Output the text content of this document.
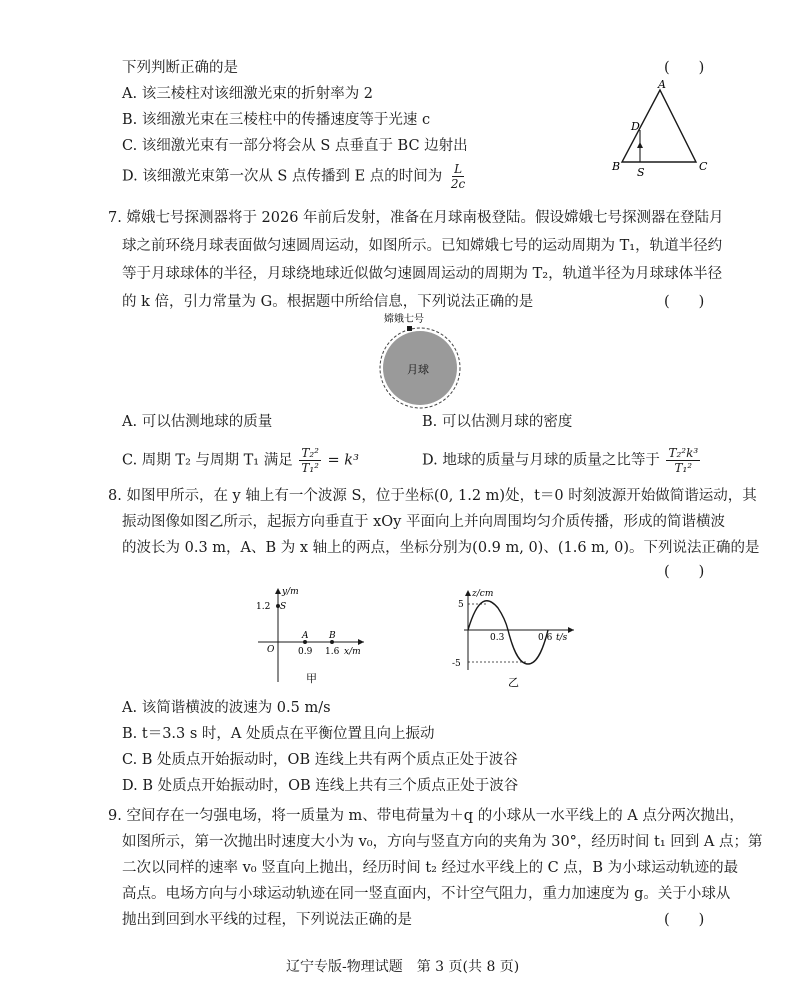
下列判断正确的是	(　　)
A. 该三棱柱对该细激光束的折射率为 2
B. 该细激光束在三棱柱中的传播速度等于光速 c
C. 该细激光束有一部分将会从 S 点垂直于 BC 边射出
D. 该细激光束第一次从 S 点传播到 E 点的时间为 $\frac{L}{2c}$
A
B	C
D
S
7. 嫦娥七号探测器将于 2026 年前后发射，准备在月球南极登陆。假设嫦娥七号探测器在登陆月
球之前环绕月球表面做匀速圆周运动，如图所示。已知嫦娥七号的运动周期为 T₁，轨道半径约
等于月球球体的半径，月球绕地球近似做匀速圆周运动的周期为 T₂，轨道半径为月球球体半径
的 k 倍，引力常量为 G。根据题中所给信息，下列说法正确的是	(　　)
嫦娥七号
月球
A. 可以估测地球的质量	B. 可以估测月球的密度
C. 周期 T₂ 与周期 T₁ 满足 $\frac{\text{T₂²}}{\text{T₁²}} = k^3$	D. 地球的质量与月球的质量之比等于 $\frac{\text{T₂²k³}}{\text{T₁²}}$
8. 如图甲所示，在 y 轴上有一个波源 S，位于坐标(0, 1.2 m)处，t＝0 时刻波源开始做简谐运动，其
振动图像如图乙所示，起振方向垂直于 xOy 平面向上并向周围均匀介质传播，形成的简谐横波
的波长为 0.3 m，A、B 为 x 轴上的两点，坐标分别为(0.9 m, 0)、(1.6 m, 0)。下列说法正确的是
(　　)
y/m
1.2 S
O
A B
0.9 1.6 x/m
甲
z/cm
5
-5
0.3	0.6 t/s
乙
A. 该简谐横波的波速为 0.5 m/s
B. t＝3.3 s 时，A 处质点在平衡位置且向上振动
C. B 处质点开始振动时，OB 连线上共有两个质点正处于波谷
D. B 处质点开始振动时，OB 连线上共有三个质点正处于波谷
9. 空间存在一匀强电场，将一质量为 m、带电荷量为＋q 的小球从一水平线上的 A 点分两次抛出，
如图所示，第一次抛出时速度大小为 v₀，方向与竖直方向的夹角为 30°，经历时间 t₁ 回到 A 点；第
二次以同样的速率 v₀ 竖直向上抛出，经历时间 t₂ 经过水平线上的 C 点，B 为小球运动轨迹的最
高点。电场方向与小球运动轨迹在同一竖直面内，不计空气阻力，重力加速度为 g。关于小球从
抛出到回到水平线的过程，下列说法正确的是	(　　)
辽宁专版-物理试题　第 3 页(共 8 页)
